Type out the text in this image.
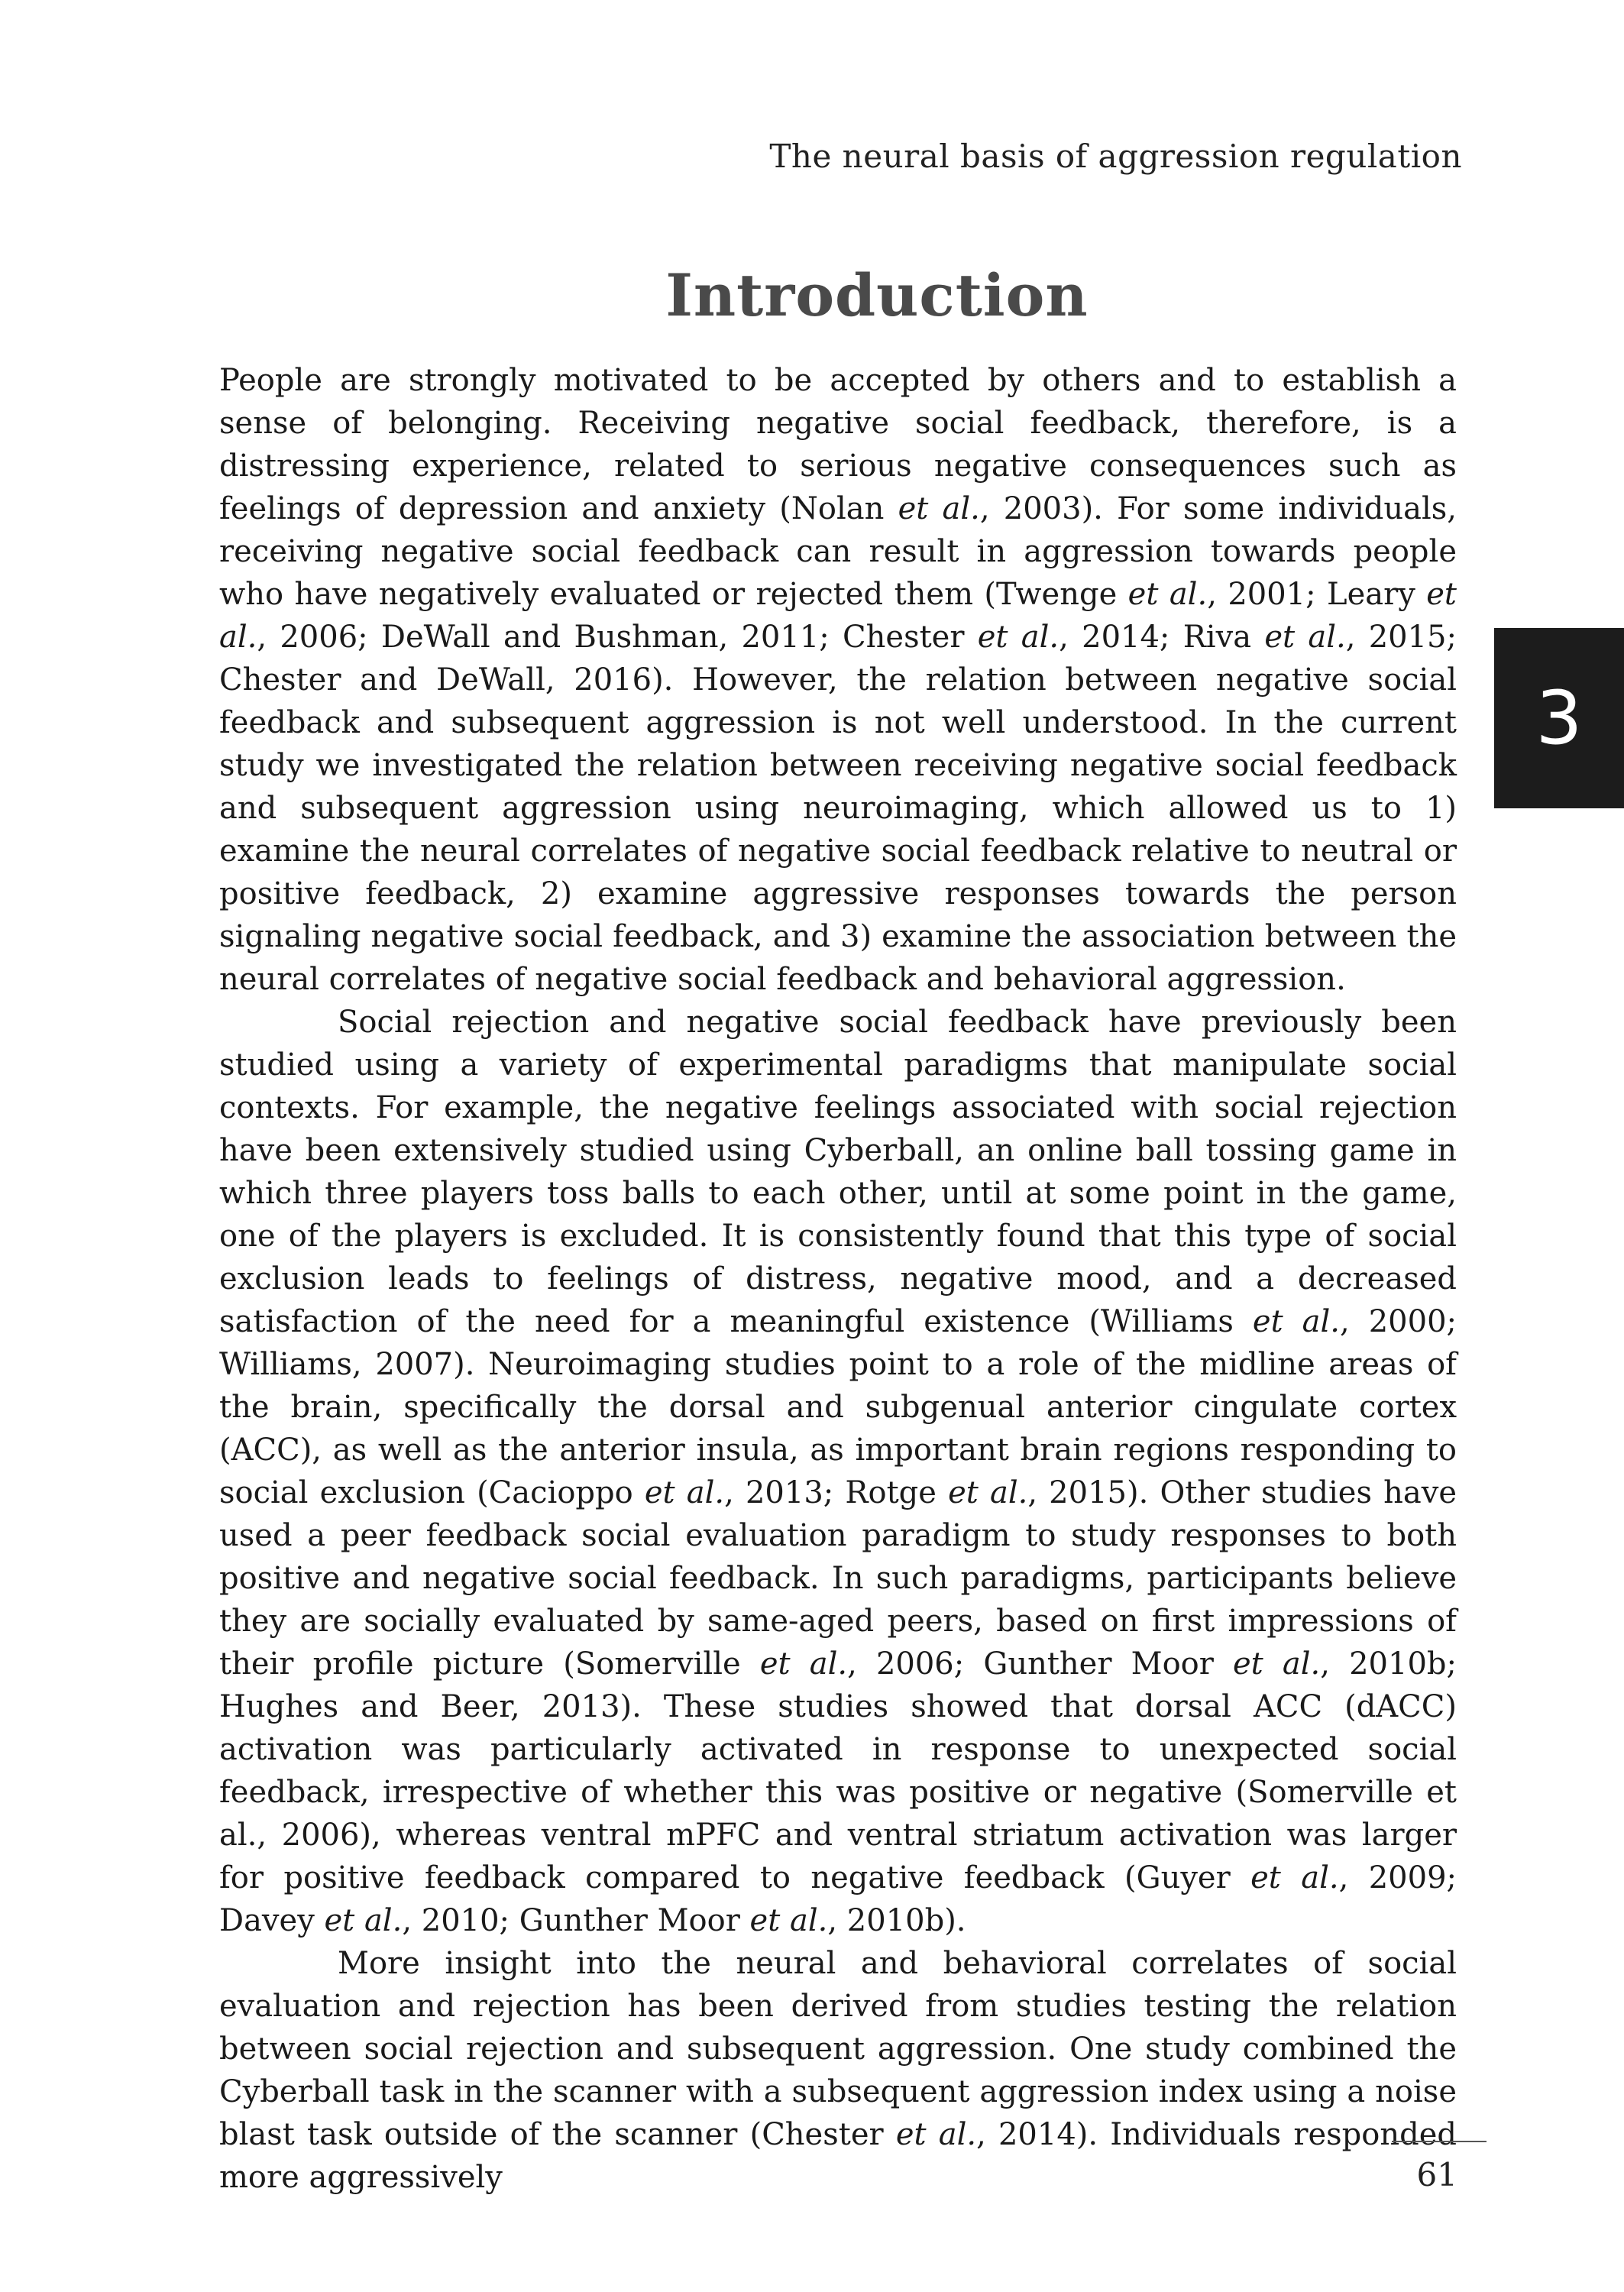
The neural basis of aggression regulation
Introduction

People are strongly motivated to be accepted by others and to establish a sense of belonging. Receiving negative social feedback, therefore, is a distressing experience, related to serious negative consequences such as feelings of depression and anxiety (Nolan et al., 2003). For some individuals, receiving negative social feedback can result in aggression towards people who have negatively evaluated or rejected them (Twenge et al., 2001; Leary et al., 2006; DeWall and Bushman, 2011; Chester et al., 2014; Riva et al., 2015; Chester and DeWall, 2016). However, the relation between negative social feedback and subsequent aggression is not well understood. In the current study we investigated the relation between receiving negative social feedback and subsequent aggression using neuroimaging, which allowed us to 1) examine the neural correlates of negative social feedback relative to neutral or positive feedback, 2) examine aggressive responses towards the person signaling negative social feedback, and 3) examine the association between the neural correlates of negative social feedback and behavioral aggression.

Social rejection and negative social feedback have previously been studied using a variety of experimental paradigms that manipulate social contexts. For example, the negative feelings associated with social rejection have been extensively studied using Cyberball, an online ball tossing game in which three players toss balls to each other, until at some point in the game, one of the players is excluded. It is consistently found that this type of social exclusion leads to feelings of distress, negative mood, and a decreased satisfaction of the need for a meaningful existence (Williams et al., 2000; Williams, 2007). Neuroimaging studies point to a role of the midline areas of the brain, specifically the dorsal and subgenual anterior cingulate cortex (ACC), as well as the anterior insula, as important brain regions responding to social exclusion (Cacioppo et al., 2013; Rotge et al., 2015). Other studies have used a peer feedback social evaluation paradigm to study responses to both positive and negative social feedback. In such paradigms, participants believe they are socially evaluated by same-aged peers, based on first impressions of their profile picture (Somerville et al., 2006; Gunther Moor et al., 2010b; Hughes and Beer, 2013). These studies showed that dorsal ACC (dACC) activation was particularly activated in response to unexpected social feedback, irrespective of whether this was positive or negative (Somerville et al., 2006), whereas ventral mPFC and ventral striatum activation was larger for positive feedback compared to negative feedback (Guyer et al., 2009; Davey et al., 2010; Gunther Moor et al., 2010b).

More insight into the neural and behavioral correlates of social evaluation and rejection has been derived from studies testing the relation between social rejection and subsequent aggression. One study combined the Cyberball task in the scanner with a subsequent aggression index using a noise blast task outside of the scanner (Chester et al., 2014). Individuals responded more aggressively

3
61
